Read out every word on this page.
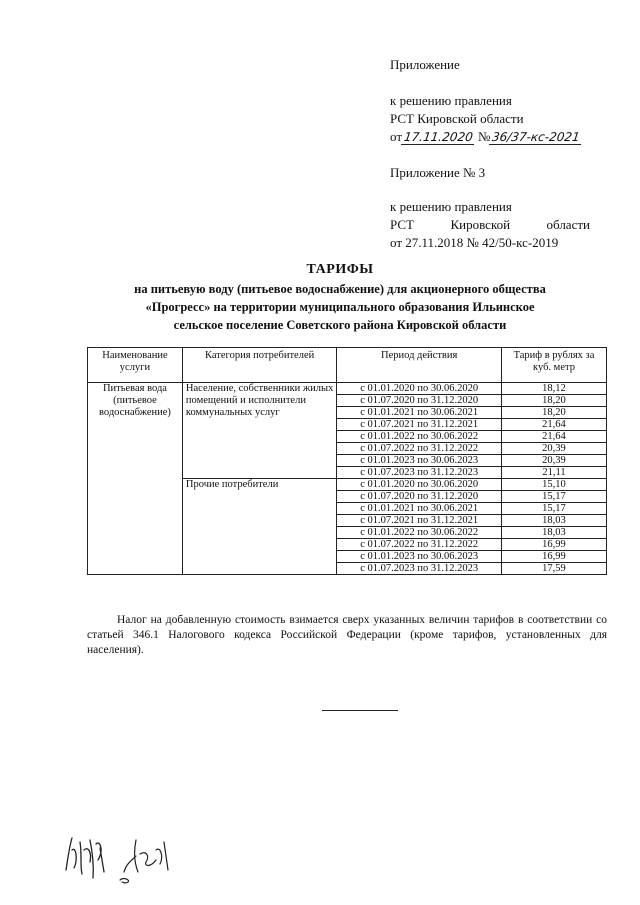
Приложение
к решению правления
РСТ Кировской области
от17.11.2020 №36/37-кс-2021
Приложение № 3
к решению правления
РСТ	Кировской	области
от 27.11.2018 № 42/50-кс-2019
ТАРИФЫ
на питьевую воду (питьевое водоснабжение) для акционерного общества
«Прогресс» на территории муниципального образования Ильинское
сельское поселение Советского района Кировской области
Наименование услуги	Категория потребителей	Период действия	Тариф в рублях за куб. метр
Питьевая вода (питьевое водоснабжение)	Население, собственники жилых помещений и исполнители коммунальных услуг	с 01.01.2020 по 30.06.2020	18,12
		с 01.07.2020 по 31.12.2020	18,20
		с 01.01.2021 по 30.06.2021	18,20
		с 01.07.2021 по 31.12.2021	21,64
		с 01.01.2022 по 30.06.2022	21,64
		с 01.07.2022 по 31.12.2022	20,39
		с 01.01.2023 по 30.06.2023	20,39
		с 01.07.2023 по 31.12.2023	21,11
	Прочие потребители	с 01.01.2020 по 30.06.2020	15,10
		с 01.07.2020 по 31.12.2020	15,17
		с 01.01.2021 по 30.06.2021	15,17
		с 01.07.2021 по 31.12.2021	18,03
		с 01.01.2022 по 30.06.2022	18,03
		с 01.07.2022 по 31.12.2022	16,99
		с 01.01.2023 по 30.06.2023	16,99
		с 01.07.2023 по 31.12.2023	17,59
Налог на добавленную стоимость взимается сверх указанных величин тарифов в соответствии со статьей 346.1 Налогового кодекса Российской Федерации (кроме тарифов, установленных для населения).
